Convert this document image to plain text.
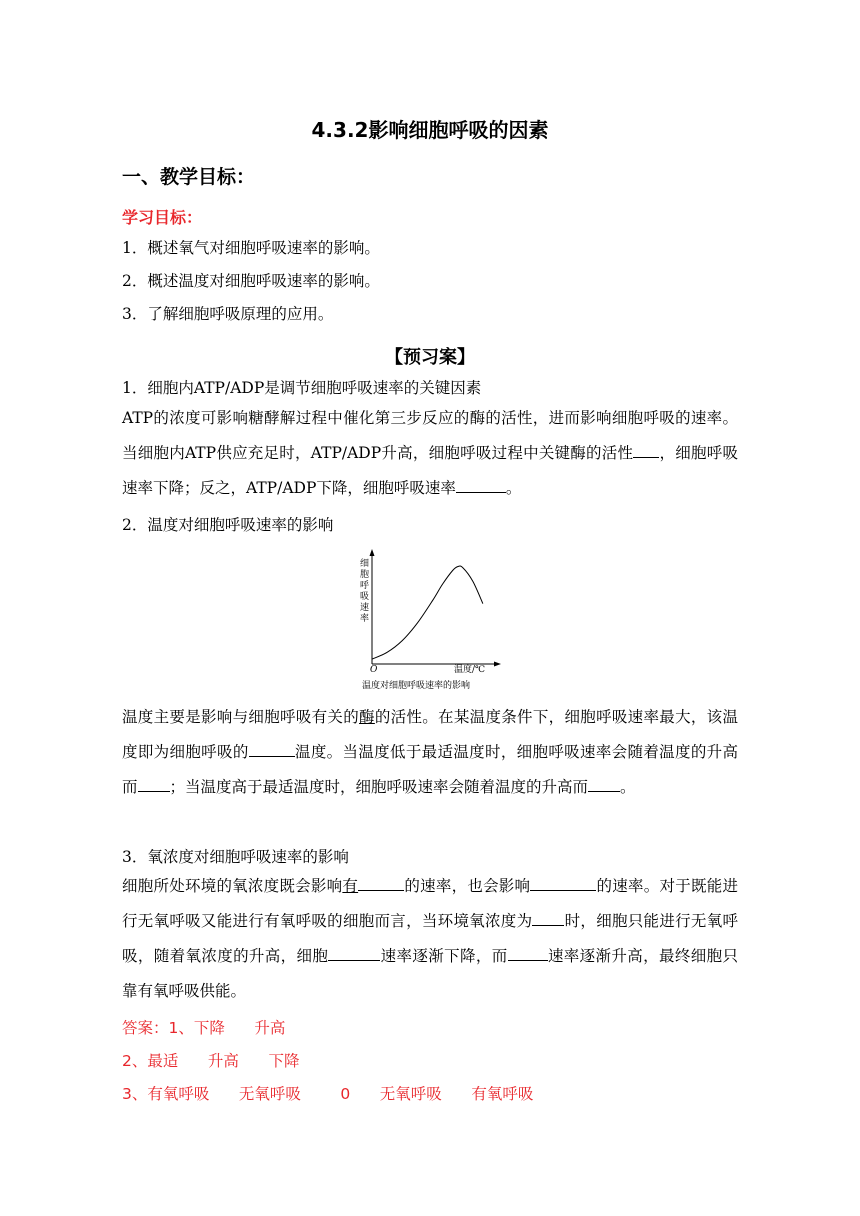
4.3.2影响细胞呼吸的因素
一、教学目标：
学习目标：
1．概述氧气对细胞呼吸速率的影响。
2．概述温度对细胞呼吸速率的影响。
3．了解细胞呼吸原理的应用。
【预习案】
1．细胞内ATP/ADP是调节细胞呼吸速率的关键因素
ATP的浓度可影响糖酵解过程中催化第三步反应的酶的活性，进而影响细胞呼吸的速率。当细胞内ATP供应充足时，ATP/ADP升高，细胞呼吸过程中关键酶的活性 ，细胞呼吸速率下降；反之，ATP/ADP下降，细胞呼吸速率	。
2．温度对细胞呼吸速率的影响
细胞呼吸速率
O	温度/℃
温度对细胞呼吸速率的影响
温度主要是影响与细胞呼吸有关的酶的活性。在某温度条件下，细胞呼吸速率最大，该温度即为细胞呼吸的	温度。当温度低于最适温度时，细胞呼吸速率会随着温度的升高而 ；当温度高于最适温度时，细胞呼吸速率会随着温度的升高而 。
3．氧浓度对细胞呼吸速率的影响
细胞所处环境的氧浓度既会影响有	的速率，也会影响	的速率。对于既能进行无氧呼吸又能进行有氧呼吸的细胞而言，当环境氧浓度为 时，细胞只能进行无氧呼吸，随着氧浓度的升高，细胞	速率逐渐下降，而	速率逐渐升高，最终细胞只靠有氧呼吸供能。
答案：1、下降      升高
2、最适      升高      下降
3、有氧呼吸      无氧呼吸        0      无氧呼吸      有氧呼吸
